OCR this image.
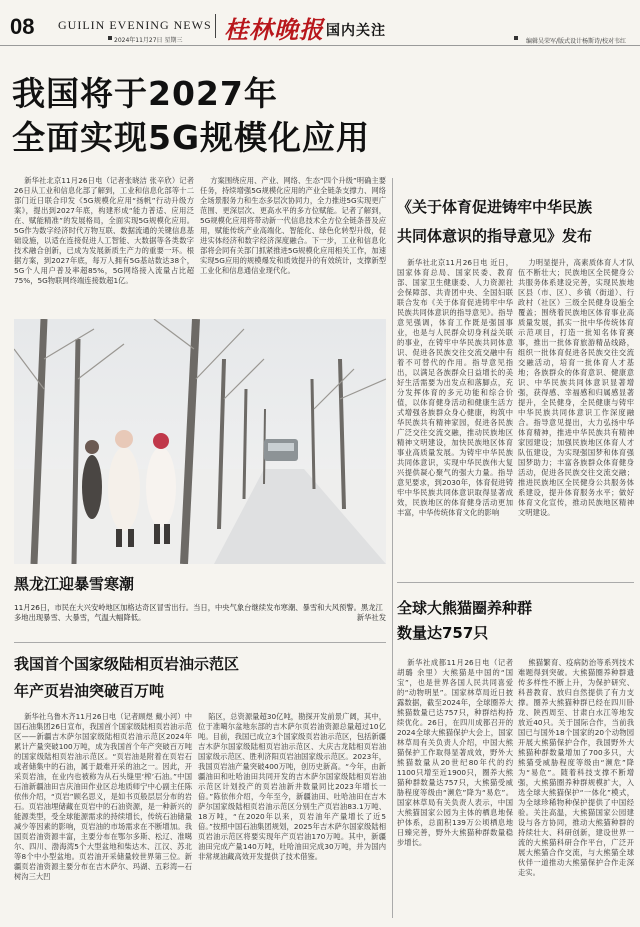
08 GUILIN EVENING NEWS
2024年11月27日 星期三 桂林晚报 国内关注
编辑吴荣军/版式设计杨斯诗/校对韦红
我国将于2027年
全面实现5G规模化应用

新华社北京11月26日电（记者张晓洁 张辛欣）记者26日从工业和信息化部了解到，工业和信息化部等十二部门近日联合印发《5G规模化应用“扬帆”行动升级方案》，提出到2027年底，构建形成“能力普适、应用泛在、赋能精准”的发展格局，全面实现5G规模化应用。5G作为数字经济时代万物互联、数据流通的关键信息基础设施，以适在连接促进人工智能、大数据等各类数字技术融合创新，已成为发展新质生产力的重要一环。根据方案，到2027年底，每万人拥有5G基站数达38个，5G个人用户普及率超85%，5G网络接入流量占比超75%，5G物联网终端连接数超1亿。

方案围绕应用、产业、网络、生态“四个升级”明确主要任务，持续增强5G规模化应用的产业全链条支撑力、网络全场景服务力和生态多层次协同力，全力推进5G实现更广范围、更深层次、更高水平的多方位赋能。记者了解到，5G规模化应用将带动新一代信息技术全方位全链条普及应用，赋能传统产业高端化、智能化、绿色化转型升级，促进实体经济和数字经济深度融合。下一步，工业和信息化部将会同有关部门抓紧推进5G规模化应用相关工作，加速实现5G应用的规模爆发和质效提升的有效统计，支撑新型工业化和信息通信业现代化。

黑龙江迎暴雪寒潮
11月26日，市民在大兴安岭地区加格达奇区冒雪出行。当日，中央气象台继续发布寒潮、暴雪和大风预警。黑龙江多地出现暴雪、大暴雪，气温大幅降低。	新华社发
我国首个国家级陆相页岩油示范区
年产页岩油突破百万吨

新华社乌鲁木齐11月26日电（记者顾煜 戴小河）中国石油集团26日宣布，我国首个国家级陆相页岩油示范区——新疆吉木萨尔国家级陆相页岩油示范区2024年累计产量突破100万吨，成为我国首个年产突破百万吨的国家级陆相页岩油示范区。“页岩油是附着在页岩石或者储集中的石油，属于最难开采的油之一。因此，开采页岩油，在业内也被称为从石头缝里‘榨’石油。”中国石油新疆油田吉庆油田作业区总地质师宁中心副主任陈依伟介绍，“页岩”顾名思义，是如书页般层层分布的岩石。页岩油埋储藏在页岩中的石油资源，是一种新兴的能源类型，受全球能源需求的持续增长，传统石油储量减少等因素的影响，页岩油的市场需求在不断增加。我国页岩油资源丰富，主要分布在鄂尔多斯、松辽、准噶尔、四川、渤海湾5个大型盆地和柴达木、江汉、苏北等8个中小型盆地。页岩油开采储量较世界第三位。新疆页岩油资源主要分布在吉木萨尔、玛湖、五彩湾—石树沟三大凹

陷区，总资源量超30亿吨，勘探开发前景广阔，其中，位于准噶尔盆地东部的吉木萨尔页岩油资源总量超过10亿吨。目前，我国已成立3个国家级页岩油示范区，包括新疆吉木萨尔国家级陆相页岩油示范区、大庆古龙陆相页岩油国家级示范区、胜利济阳页岩油国家级示范区。2023年，我国页岩油产量突破400万吨，创历史新高。“今年，由新疆油田和吐哈油田共同开发的吉木萨尔国家级陆相页岩油示范区计划投产的页岩油新井数量同比2023年增长一倍。”陈依伟介绍，今年至今，新疆油田、吐哈油田在吉木萨尔国家级陆相页岩油示范区分别生产页岩油83.1万吨、18万吨，“在2020年以来，页岩油年产量增长了近5倍。”按照中国石油集团规划，2025年吉木萨尔国家级陆相页岩油示范区将要实现年产页岩油170万吨。其中，新疆油田完成产量140万吨，吐哈油田完成30万吨，并为国内非常规油藏高效开发提供了技术借鉴。

《关于体育促进铸牢中华民族
共同体意识的指导意见》发布

新华社北京11月26日电 近日，国家体育总局、国家民委、教育部、国家卫生健康委、人力资源社会保障部、共青团中央、全国妇联联合发布《关于体育促进铸牢中华民族共同体意识的指导意见》。指导意见强调，体育工作既是强国事业，也是与人民群众切身利益关联的事业，在铸牢中华民族共同体意识、促进各民族交往交流交融中有着不可替代的作用。指导意见指出，以满足各族群众日益增长的美好生活需要为出发点和落脚点，充分发挥体育的多元功能和综合价值，以体育健身活动和健康生活方式增强各族群众身心健康，构筑中华民族共有精神家园，促进各民族广泛交往交流交融，推动民族地区精神文明建设，加快民族地区体育事业高质量发展。为铸牢中华民族共同体意识，实现中华民族伟大复兴提供凝心聚气的强大力量。指导意见要求，到2030年，体育促进铸牢中华民族共同体意识取得显著成效，民族地区的体育健身活动更加丰富，中华传统体育文化的影响

力明显提升，高素质体育人才队伍不断壮大；民族地区全民健身公共服务体系建设完善，实现民族地区县（市、区）、乡镇（街道）、行政村（社区）三级全民健身设施全覆盖；围绕着民族地区体育事业高质量发展，抓实一批中华传统体育示范项目，打造一批知名体育赛事，推出一批体育旅游精品线路，组织一批体育促进各民族交往交流交融活动，培育一批体育人才基地；各族群众的体育意识、健康意识、中华民族共同体意识显著增强，获得感、幸福感和归属感显著提升，全民健身，全民健康与铸牢中华民族共同体意识工作深度融合。指导意见提出，大力弘扬中华体育精神，推进中华民族共有精神家园建设；加强民族地区体育人才队伍建设，为实现强国梦和体育强国梦助力；丰富各族群众体育健身活动，促进各民族交往交流交融；推进民族地区全民健身公共服务体系建设，提升体育服务水平；做好体育文化宣传，推动民族地区精神文明建设。

全球大熊猫圈养种群
数量达757只

新华社成都11月26日电（记者胡璐 余里）大熊猫是中国的“国宝”，也是世界各国人民共同喜爱的“动物明星”。国家林草局近日披露数据，截至2024年，全球圈养大熊猫数量已达757只，种群结构持续优化。26日，在四川成都召开的2024全球大熊猫保护大会上，国家林草局有关负责人介绍，中国大熊猫保护工作取得显著成效，野外大熊猫数量从20世纪80年代的约1100只增至近1900只，圈养大熊猫种群数量达757只，大熊猫受威胁程度等级由“濒危”降为“易危”。国家林草局有关负责人表示，中国大熊猫国家公园为主体的栖息地保护体系，总面积139万公顷栖息地日臻完善，野外大熊猫种群数量稳步增长。

熊猫繁育、疫病防治等系列技术难题得到突破。大熊猫圈养种群遗传多样性不断上升，为保护研究、科普教育、放归自然提供了有力支撑。圈养大熊猫种群已经在四川卧龙、陕西周至、甘肃白水江等地发放近40只。关于国际合作，当前我国已与国外18个国家的20个动物园开展大熊猫保护合作，我国野外大熊猫种群数量增加了700多只，大熊猫受威胁程度等级由“濒危”降为“易危”。随着科技支撑不断增强，大熊猫圈养种群规模扩大，入选全球大熊猫保护“一体化”模式，为全球珍稀物种保护提供了中国经验。关注高温，大熊猫国家公园建设与各方协同，推动大熊猫种群的持续壮大、科研创新，建设世界一流的大熊猫科研合作平台，广泛开展大熊猫合作交流，与大熊猫全球伙伴一道推动大熊猫保护合作走深走实。
